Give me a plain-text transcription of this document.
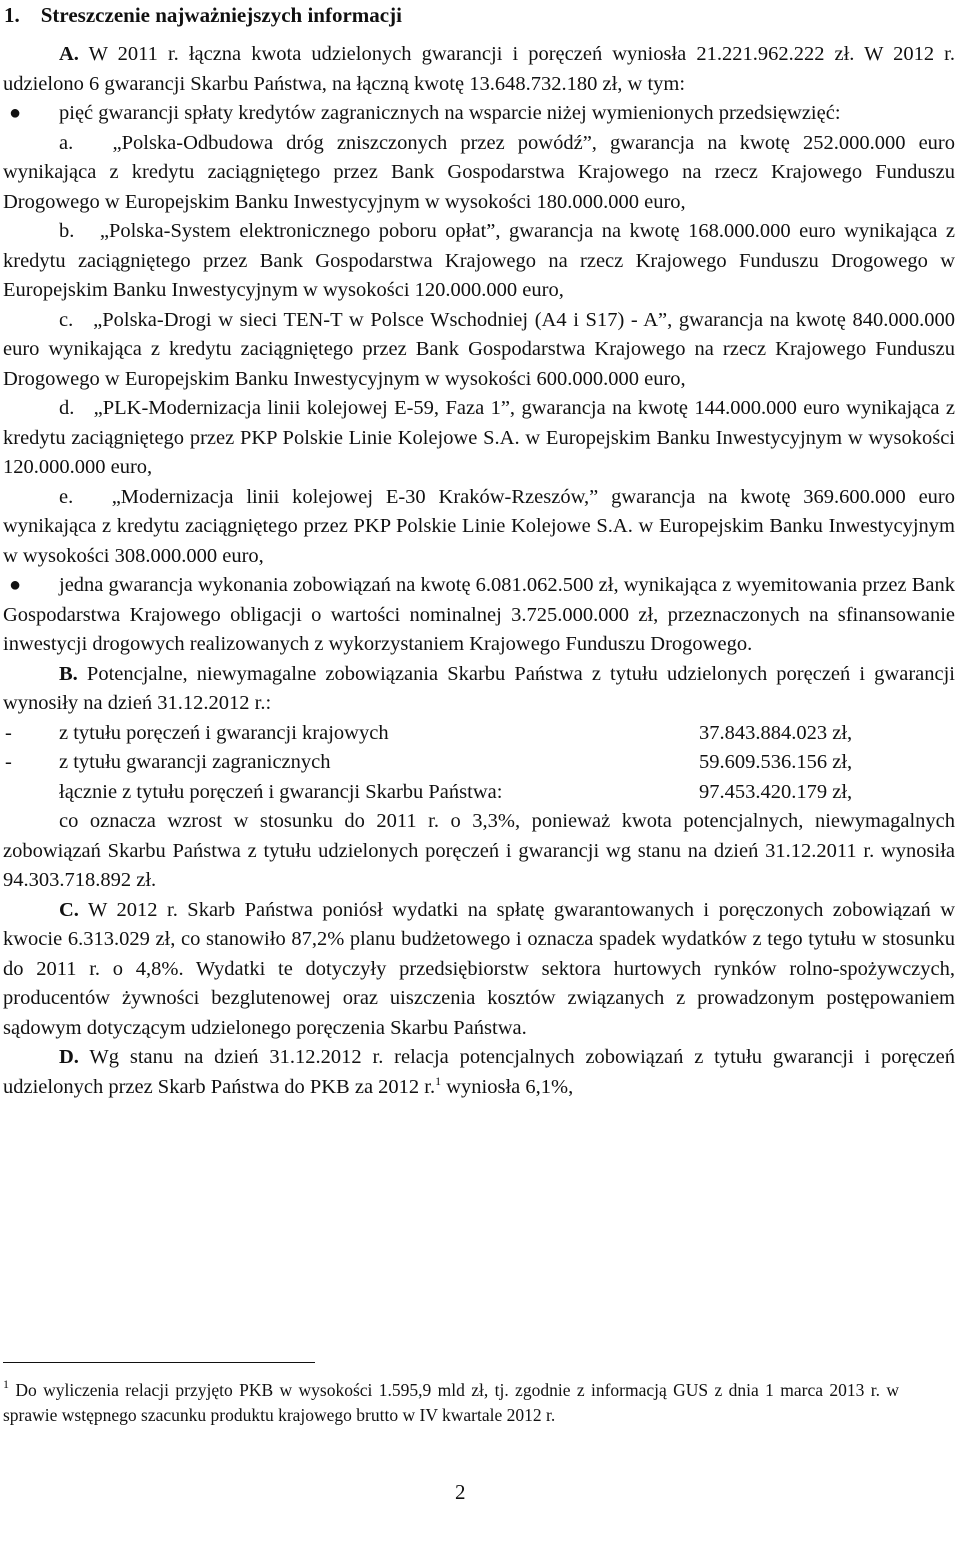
1.    Streszczenie najważniejszych informacji

A. W 2011 r. łączna kwota udzielonych gwarancji i poręczeń wyniosła 21.221.962.222 zł. W 2012 r. udzielono 6 gwarancji Skarbu Państwa, na łączną kwotę 13.648.732.180 zł, w tym:

● pięć gwarancji spłaty kredytów zagranicznych na wsparcie niżej wymienionych przedsięwzięć:

a.   „Polska-Odbudowa dróg zniszczonych przez powódź”, gwarancja na kwotę 252.000.000 euro wynikająca z kredytu zaciągniętego przez Bank Gospodarstwa Krajowego na rzecz Krajowego Funduszu Drogowego w Europejskim Banku Inwestycyjnym w wysokości 180.000.000 euro,

b.   „Polska-System elektronicznego poboru opłat”, gwarancja na kwotę 168.000.000 euro wynikająca z kredytu zaciągniętego przez Bank Gospodarstwa Krajowego na rzecz Krajowego Funduszu Drogowego w Europejskim Banku Inwestycyjnym w wysokości 120.000.000 euro,

c.   „Polska-Drogi w sieci TEN-T w Polsce Wschodniej (A4 i S17) - A”, gwarancja na kwotę 840.000.000 euro wynikająca z kredytu zaciągniętego przez Bank Gospodarstwa Krajowego na rzecz Krajowego Funduszu Drogowego w Europejskim Banku Inwestycyjnym w wysokości 600.000.000 euro,

d.   „PLK-Modernizacja linii kolejowej E-59, Faza 1”, gwarancja na kwotę 144.000.000 euro wynikająca z kredytu zaciągniętego przez PKP Polskie Linie Kolejowe S.A. w Europejskim Banku Inwestycyjnym w wysokości 120.000.000 euro,

e.   „Modernizacja linii kolejowej E-30 Kraków-Rzeszów,” gwarancja na kwotę 369.600.000 euro wynikająca z kredytu zaciągniętego przez PKP Polskie Linie Kolejowe S.A. w Europejskim Banku Inwestycyjnym w wysokości 308.000.000 euro,

● jedna gwarancja wykonania zobowiązań na kwotę 6.081.062.500 zł, wynikająca z wyemitowania przez Bank Gospodarstwa Krajowego obligacji o wartości nominalnej 3.725.000.000 zł, przeznaczonych na sfinansowanie inwestycji drogowych realizowanych z wykorzystaniem Krajowego Funduszu Drogowego.

B. Potencjalne, niewymagalne zobowiązania Skarbu Państwa z tytułu udzielonych poręczeń i gwarancji wynosiły na dzień 31.12.2012 r.:

-	z tytułu poręczeń i gwarancji krajowych	37.843.884.023 zł,
-	z tytułu gwarancji zagranicznych	59.609.536.156 zł,
łącznie z tytułu poręczeń i gwarancji Skarbu Państwa:	97.453.420.179 zł,

co oznacza wzrost w stosunku do 2011 r. o 3,3%, ponieważ kwota potencjalnych, niewymagalnych zobowiązań Skarbu Państwa z tytułu udzielonych poręczeń i gwarancji wg stanu na dzień 31.12.2011 r. wynosiła 94.303.718.892 zł.

C. W 2012 r. Skarb Państwa poniósł wydatki na spłatę gwarantowanych i poręczonych zobowiązań w kwocie 6.313.029 zł, co stanowiło 87,2% planu budżetowego i oznacza spadek wydatków z tego tytułu w stosunku do 2011 r. o 4,8%. Wydatki te dotyczyły przedsiębiorstw sektora hurtowych rynków rolno-spożywczych, producentów żywności bezglutenowej oraz uiszczenia kosztów związanych z prowadzonym postępowaniem sądowym dotyczącym udzielonego poręczenia Skarbu Państwa.

D. Wg stanu na dzień 31.12.2012 r. relacja potencjalnych zobowiązań z tytułu gwarancji i poręczeń udzielonych przez Skarb Państwa do PKB za 2012 r.$^1$ wyniosła 6,1%,

$^1$ Do wyliczenia relacji przyjęto PKB w wysokości 1.595,9 mld zł, tj. zgodnie z informacją GUS z dnia 1 marca 2013 r. w sprawie wstępnego szacunku produktu krajowego brutto w IV kwartale 2012 r.

2
